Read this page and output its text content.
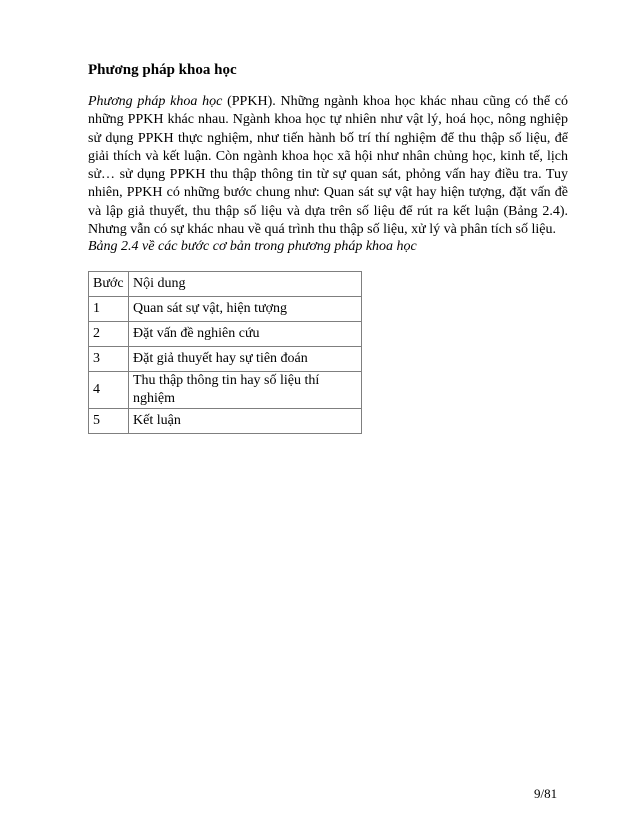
Phương pháp khoa học

Phương pháp khoa học (PPKH). Những ngành khoa học khác nhau cũng có thể có những PPKH khác nhau. Ngành khoa học tự nhiên như vật lý, hoá học, nông nghiệp sử dụng PPKH thực nghiệm, như tiến hành bố trí thí nghiệm để thu thập số liệu, để giải thích và kết luận. Còn ngành khoa học xã hội như nhân chủng học, kinh tế, lịch sử… sử dụng PPKH thu thập thông tin từ sự quan sát, phỏng vấn hay điều tra. Tuy nhiên, PPKH có những bước chung như: Quan sát sự vật hay hiện tượng, đặt vấn đề và lập giả thuyết, thu thập số liệu và dựa trên số liệu để rút ra kết luận (Bảng 2.4). Nhưng vẫn có sự khác nhau về quá trình thu thập số liệu, xử lý và phân tích số liệu.

Bảng 2.4 về các bước cơ bản trong phương pháp khoa học

Bước	Nội dung
1	Quan sát sự vật, hiện tượng
2	Đặt vấn đề nghiên cứu
3	Đặt giả thuyết hay sự tiên đoán
4	Thu thập thông tin hay số liệu thí nghiệm
5	Kết luận
9/81
